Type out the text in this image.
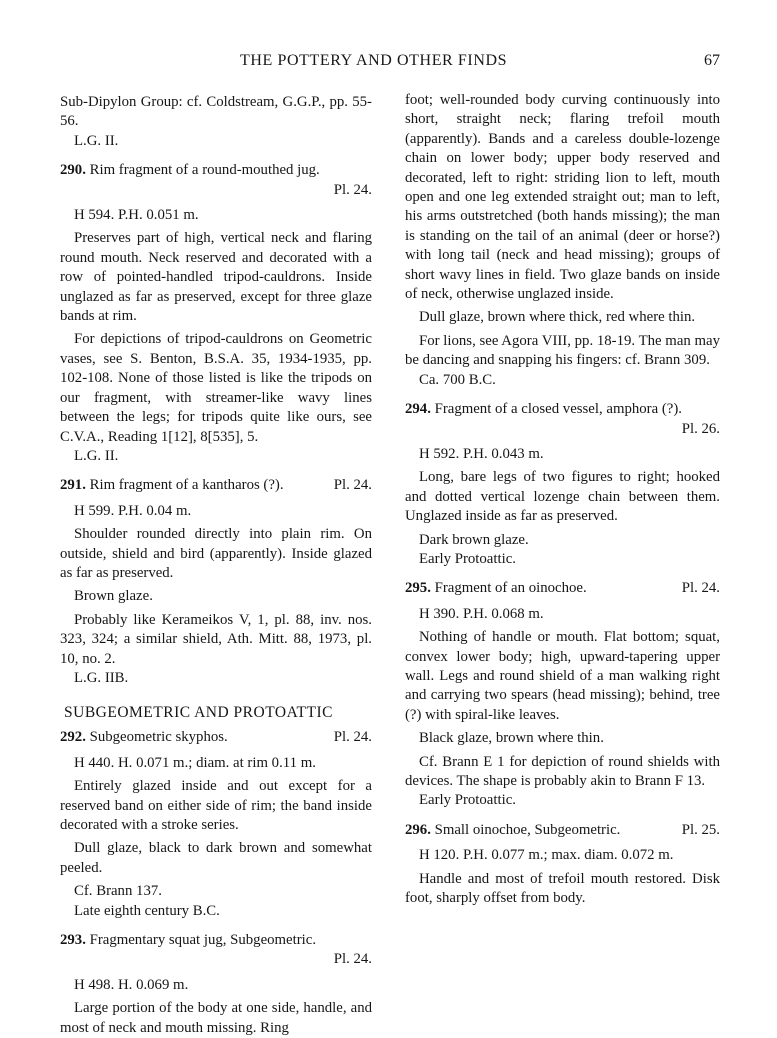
THE POTTERY AND OTHER FINDS	67

Sub-Dipylon Group: cf. Coldstream, G.G.P., pp. 55-56.

L.G. II.

290. Rim fragment of a round-mouthed jug.

Pl. 24.

H 594. P.H. 0.051 m.

Preserves part of high, vertical neck and flaring round mouth. Neck reserved and decorated with a row of pointed-handled tripod-cauldrons. Inside unglazed as far as preserved, except for three glaze bands at rim.

For depictions of tripod-cauldrons on Geometric vases, see S. Benton, B.S.A. 35, 1934-1935, pp. 102-108. None of those listed is like the tripods on our fragment, with streamer-like wavy lines between the legs; for tripods quite like ours, see C.V.A., Reading 1[12], 8[535], 5.

L.G. II.

291. Rim fragment of a kantharos (?).	Pl. 24.

H 599. P.H. 0.04 m.

Shoulder rounded directly into plain rim. On outside, shield and bird (apparently). Inside glazed as far as preserved.

Brown glaze.

Probably like Kerameikos V, 1, pl. 88, inv. nos. 323, 324; a similar shield, Ath. Mitt. 88, 1973, pl. 10, no. 2.

L.G. IIB.

SUBGEOMETRIC AND PROTOATTIC

292. Subgeometric skyphos.	Pl. 24.

H 440. H. 0.071 m.; diam. at rim 0.11 m.

Entirely glazed inside and out except for a reserved band on either side of rim; the band inside decorated with a stroke series.

Dull glaze, black to dark brown and somewhat peeled.

Cf. Brann 137.

Late eighth century B.C.

293. Fragmentary squat jug, Subgeometric.

Pl. 24.

H 498. H. 0.069 m.

Large portion of the body at one side, handle, and most of neck and mouth missing. Ring

foot; well-rounded body curving continuously into short, straight neck; flaring trefoil mouth (apparently). Bands and a careless double-lozenge chain on lower body; upper body reserved and decorated, left to right: striding lion to left, mouth open and one leg extended straight out; man to left, his arms outstretched (both hands missing); the man is standing on the tail of an animal (deer or horse?) with long tail (neck and head missing); groups of short wavy lines in field. Two glaze bands on inside of neck, otherwise unglazed inside.

Dull glaze, brown where thick, red where thin.

For lions, see Agora VIII, pp. 18-19. The man may be dancing and snapping his fingers: cf. Brann 309.

Ca. 700 B.C.

294. Fragment of a closed vessel, amphora (?).

Pl. 26.

H 592. P.H. 0.043 m.

Long, bare legs of two figures to right; hooked and dotted vertical lozenge chain between them. Unglazed inside as far as preserved.

Dark brown glaze.

Early Protoattic.

295. Fragment of an oinochoe.	Pl. 24.

H 390. P.H. 0.068 m.

Nothing of handle or mouth. Flat bottom; squat, convex lower body; high, upward-tapering upper wall. Legs and round shield of a man walking right and carrying two spears (head missing); behind, tree (?) with spiral-like leaves.

Black glaze, brown where thin.

Cf. Brann E 1 for depiction of round shields with devices. The shape is probably akin to Brann F 13.

Early Protoattic.

296. Small oinochoe, Subgeometric.	Pl. 25.

H 120. P.H. 0.077 m.; max. diam. 0.072 m.

Handle and most of trefoil mouth restored. Disk foot, sharply offset from body.
